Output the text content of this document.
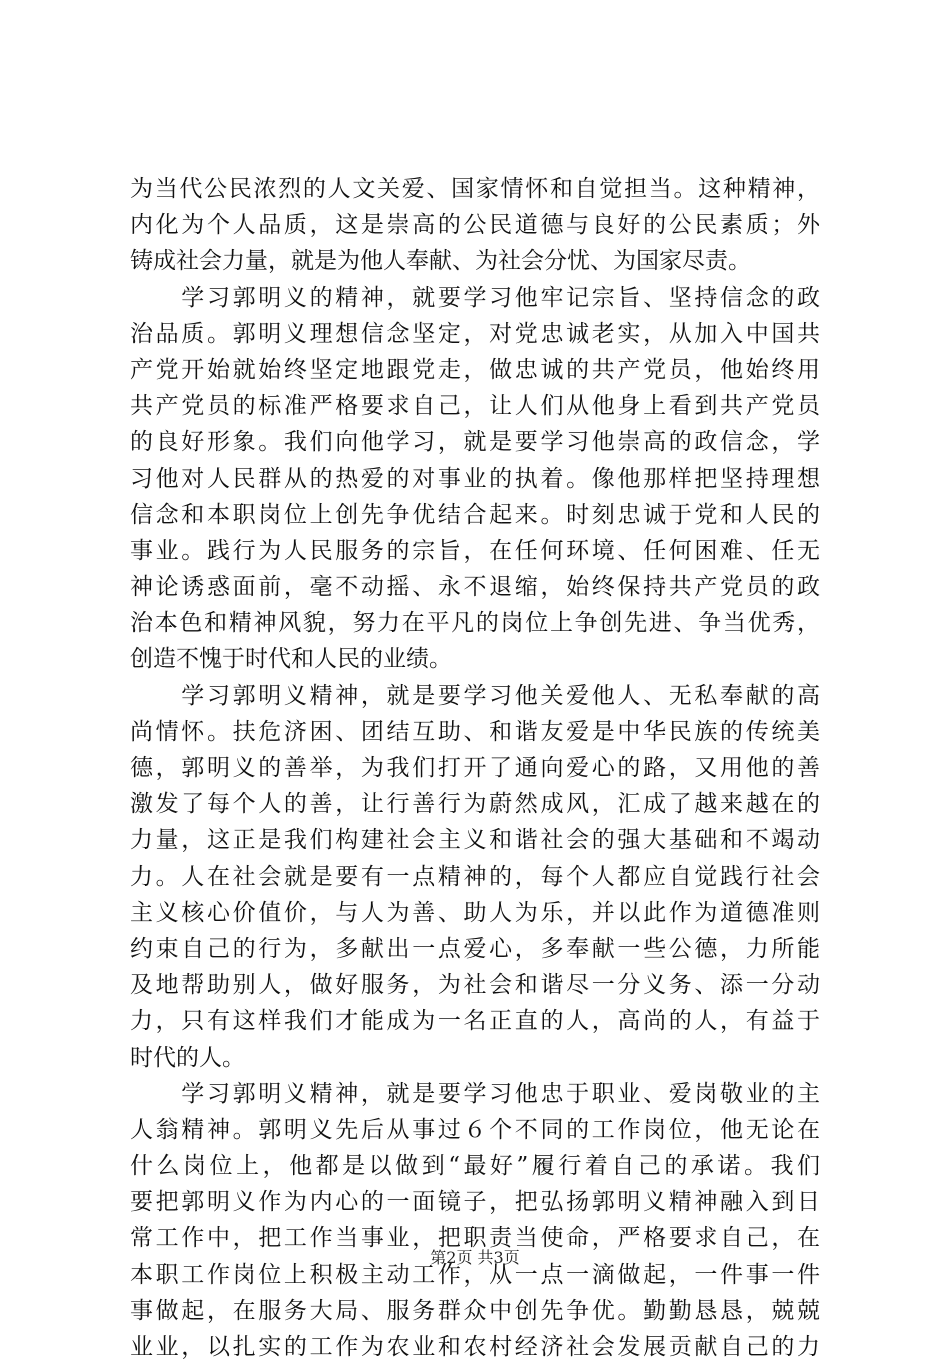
为当代公民浓烈的人文关爱、国家情怀和自觉担当。这种精神，
内化为个人品质，这是崇高的公民道德与良好的公民素质；外
铸成社会力量，就是为他人奉献、为社会分忧、为国家尽责。
　　学习郭明义的精神，就要学习他牢记宗旨、坚持信念的政
治品质。郭明义理想信念坚定，对党忠诚老实，从加入中国共
产党开始就始终坚定地跟党走，做忠诚的共产党员，他始终用
共产党员的标准严格要求自己，让人们从他身上看到共产党员
的良好形象。我们向他学习，就是要学习他崇高的政信念，学
习他对人民群从的热爱的对事业的执着。像他那样把坚持理想
信念和本职岗位上创先争优结合起来。时刻忠诚于党和人民的
事业。践行为人民服务的宗旨，在任何环境、任何困难、任无
神论诱惑面前，毫不动摇、永不退缩，始终保持共产党员的政
治本色和精神风貌，努力在平凡的岗位上争创先进、争当优秀，
创造不愧于时代和人民的业绩。
　　学习郭明义精神，就是要学习他关爱他人、无私奉献的高
尚情怀。扶危济困、团结互助、和谐友爱是中华民族的传统美
德，郭明义的善举，为我们打开了通向爱心的路，又用他的善
激发了每个人的善，让行善行为蔚然成风，汇成了越来越在的
力量，这正是我们构建社会主义和谐社会的强大基础和不竭动
力。人在社会就是要有一点精神的，每个人都应自觉践行社会
主义核心价值价，与人为善、助人为乐，并以此作为道德准则
约束自己的行为，多献出一点爱心，多奉献一些公德，力所能
及地帮助别人，做好服务，为社会和谐尽一分义务、添一分动
力，只有这样我们才能成为一名正直的人，高尚的人，有益于
时代的人。
　　学习郭明义精神，就是要学习他忠于职业、爱岗敬业的主
人翁精神。郭明义先后从事过６个不同的工作岗位，他无论在
什么岗位上，他都是以做到“最好”履行着自己的承诺。我们
要把郭明义作为内心的一面镜子，把弘扬郭明义精神融入到日
常工作中，把工作当事业，把职责当使命，严格要求自己，在
本职工作岗位上积极主动工作，从一点一滴做起，一件事一件
事做起，在服务大局、服务群众中创先争优。勤勤恳恳，兢兢
业业，以扎实的工作为农业和农村经济社会发展贡献自己的力
第2页 共3页
